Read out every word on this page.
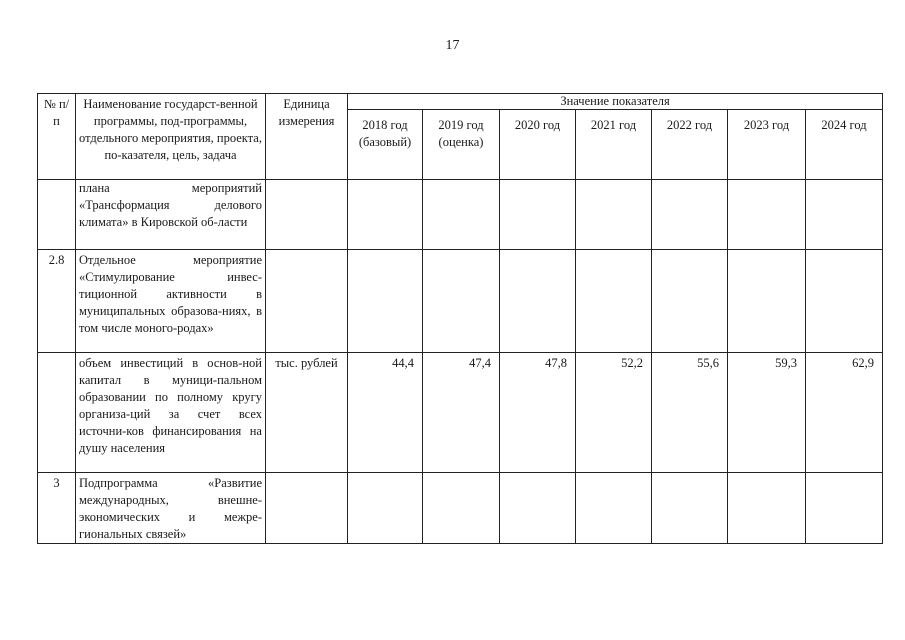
17
№ п/п	Наименование государст-венной программы, под-программы, отдельного мероприятия, проекта, по-казателя, цель, задача	Единица измерения	Значение показателя						
			2018 год (базовый)	2019 год (оценка)	2020 год	2021 год	2022 год	2023 год	2024 год
	плана мероприятий «Трансформация делового климата» в Кировской об-ласти								
2.8	Отдельное мероприятие «Стимулирование инвес-тиционной активности в муниципальных образова-ниях, в том числе моного-родах»								
	объем инвестиций в основ-ной капитал в муници-пальном образовании по полному кругу организа-ций за счет всех источни-ков финансирования на душу населения	тыс. рублей	44,4	47,4	47,8	52,2	55,6	59,3	62,9
3	Подпрограмма «Развитие международных, внешне-экономических и межре-гиональных связей»								
